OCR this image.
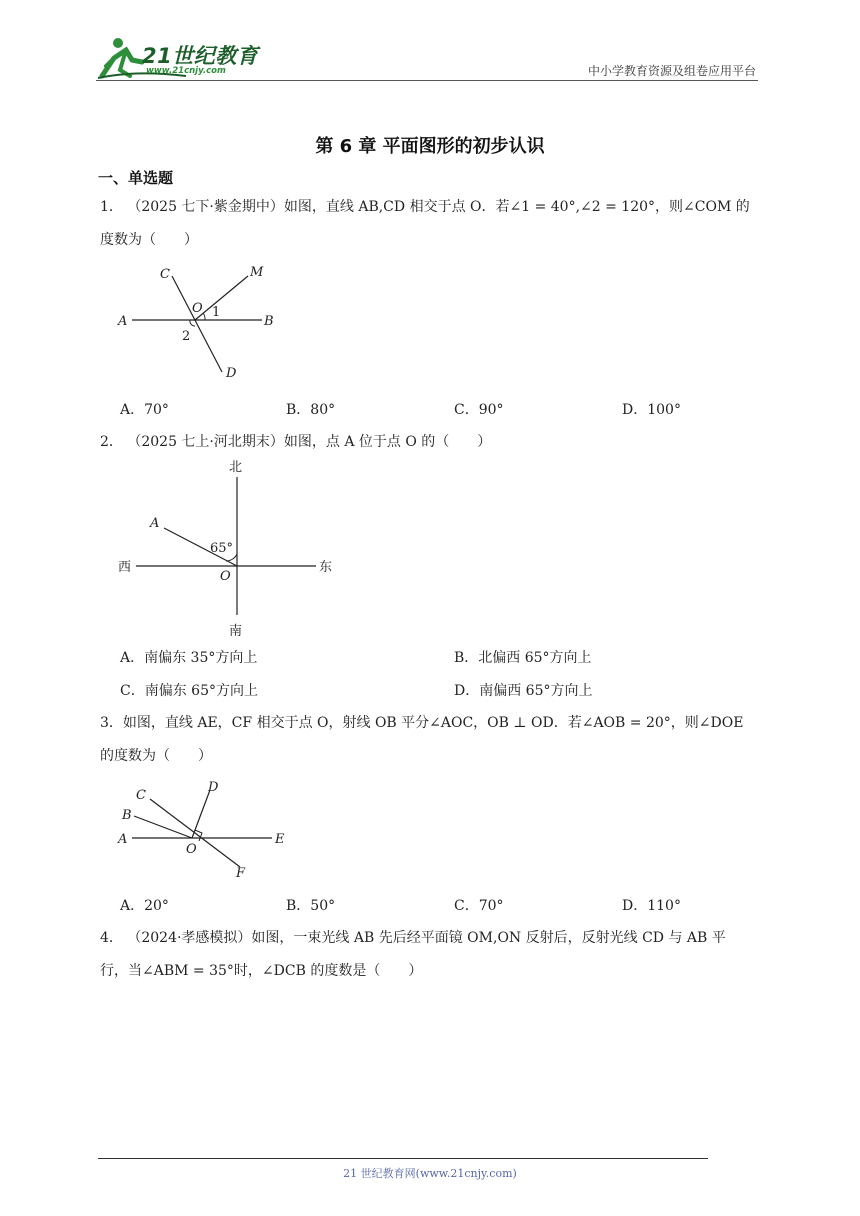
21世纪教育
www.21cnjy.com	中小学教育资源及组卷应用平台
第 6 章 平面图形的初步认识
一、单选题
1． （2025 七下·紫金期中）如图，直线 AB,CD 相交于点 O．若∠1 = 40°,∠2 = 120°，则∠COM 的
度数为（　　）
A	B
C
D
M
O 1
2
A．70°	B．80°	C．90°	D．100°
2． （2025 七上·河北期末）如图，点 A 位于点 O 的（　　）
北
南
东
西
A
O
65°
A．南偏东 35°方向上	B．北偏西 65°方向上
C．南偏东 65°方向上	D．南偏西 65°方向上
3．如图，直线 AE，CF 相交于点 O，射线 OB 平分∠AOC，OB ⊥ OD．若∠AOB = 20°，则∠DOE
的度数为（　　）
A
B
C
D
E
F
O
A．20°	B．50°	C．70°	D．110°
4． （2024·孝感模拟）如图，一束光线 AB 先后经平面镜 OM,ON 反射后，反射光线 CD 与 AB 平
行，当∠ABM = 35°时，∠DCB 的度数是（　　）
21 世纪教育网(www.21cnjy.com)
